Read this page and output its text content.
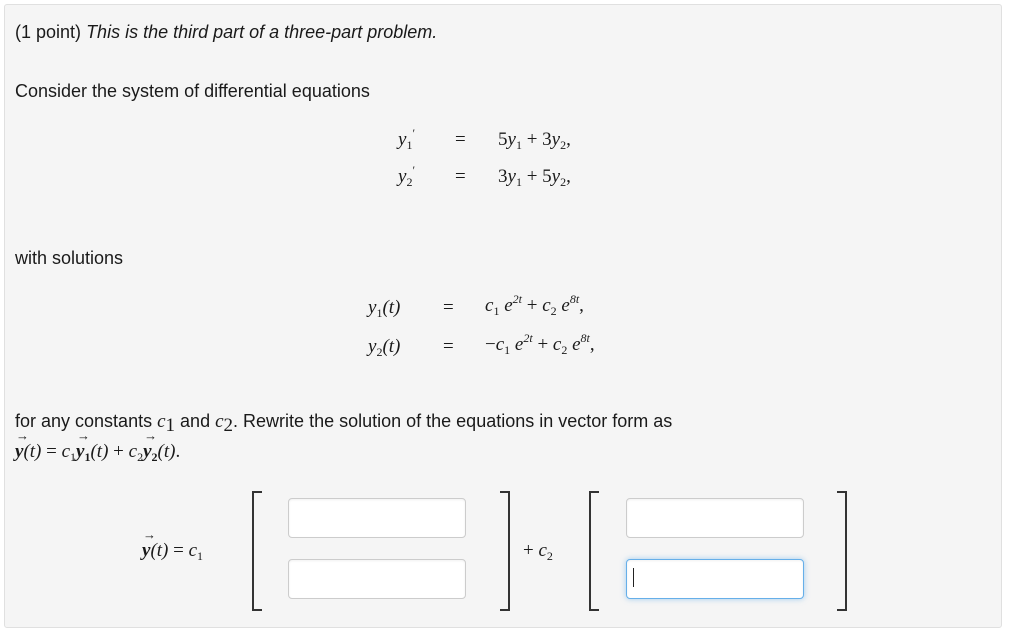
(1 point) This is the third part of a three-part problem.
Consider the system of differential equations
$y_1' = 5y_1 + 3y_2$,
$y_2' = 3y_1 + 5y_2$,
with solutions
$y_1(t) = c_1$ $e^{2t} + c_2$ $e^{8t}$,
$y_2(t) = -c_1$ $e^{2t} + c_2$ $e^{8t}$,
for any constants $c_1$ and $c_2$. Rewrite the solution of the equations in vector form as
→ $y(t) = c_1\to y_1(t) + c_2\to y_2(t)$.
→ $y(t) = c_1$	+ $c_2$
